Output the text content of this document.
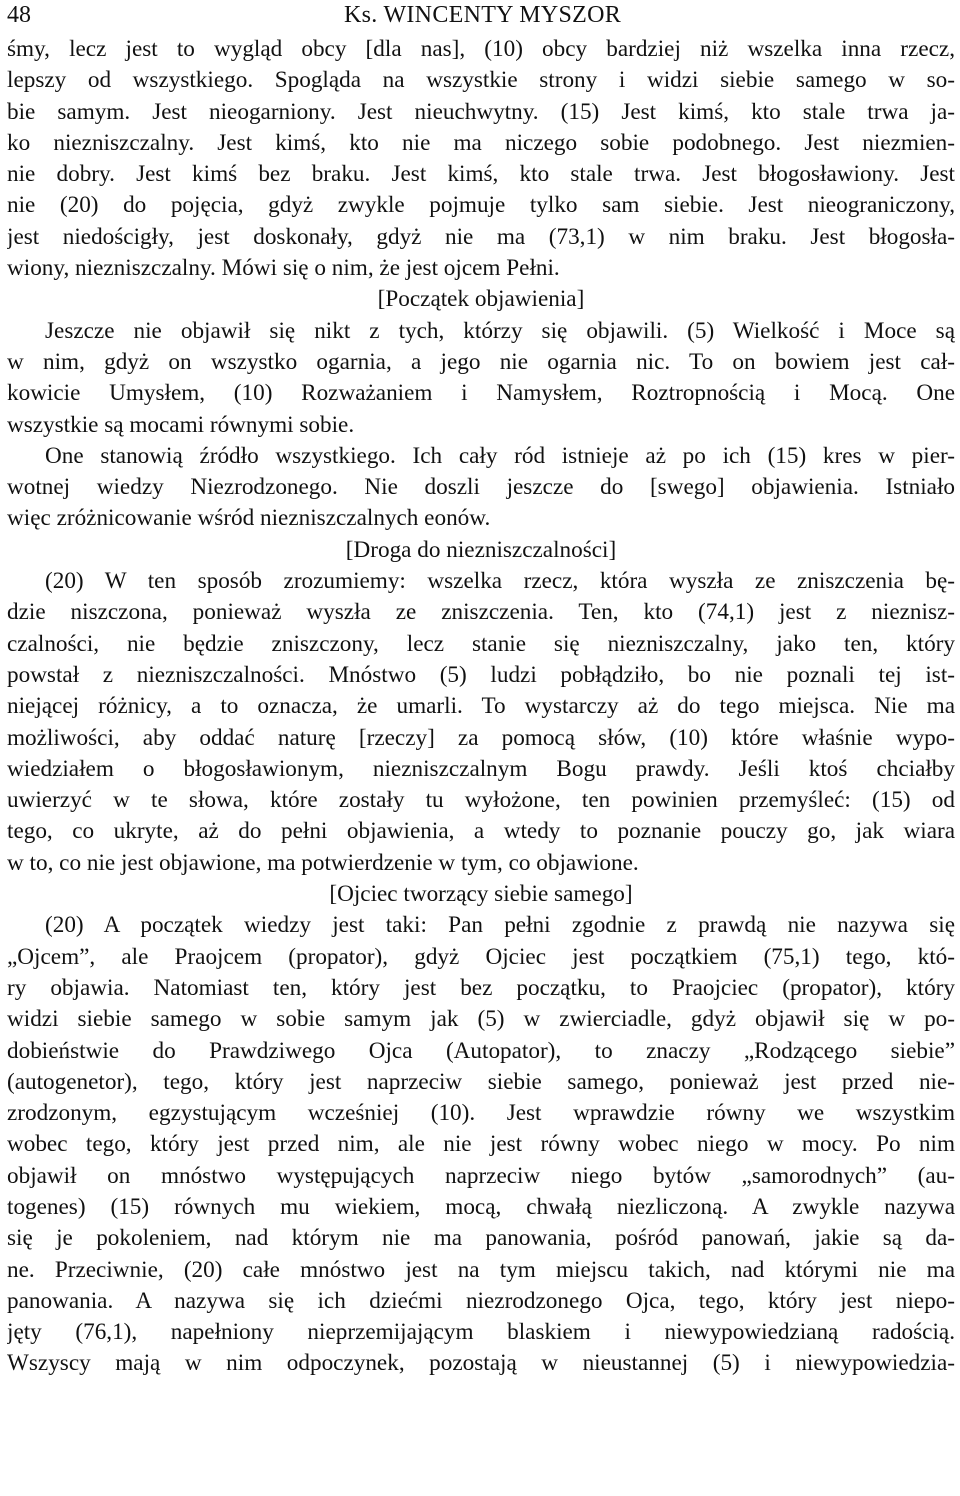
48	Ks. WINCENTY MYSZOR
śmy, lecz jest to wygląd obcy [dla nas], (10) obcy bardziej niż wszelka inna rzecz,
lepszy od wszystkiego. Spogląda na wszystkie strony i widzi siebie samego w so-
bie samym. Jest nieogarniony. Jest nieuchwytny. (15) Jest kimś, kto stale trwa ja-
ko niezniszczalny. Jest kimś, kto nie ma niczego sobie podobnego. Jest niezmien-
nie dobry. Jest kimś bez braku. Jest kimś, kto stale trwa. Jest błogosławiony. Jest
nie (20) do pojęcia, gdyż zwykle pojmuje tylko sam siebie. Jest nieograniczony,
jest niedościgły, jest doskonały, gdyż nie ma (73,1) w nim braku. Jest błogosła-
wiony, niezniszczalny. Mówi się o nim, że jest ojcem Pełni.
[Początek objawienia]
Jeszcze nie objawił się nikt z tych, którzy się objawili. (5) Wielkość i Moce są
w nim, gdyż on wszystko ogarnia, a jego nie ogarnia nic. To on bowiem jest cał-
kowicie Umysłem, (10) Rozważaniem i Namysłem, Roztropnością i Mocą. One
wszystkie są mocami równymi sobie.
One stanowią źródło wszystkiego. Ich cały ród istnieje aż po ich (15) kres w pier-
wotnej wiedzy Niezrodzonego. Nie doszli jeszcze do [swego] objawienia. Istniało
więc zróżnicowanie wśród niezniszczalnych eonów.
[Droga do niezniszczalności]
(20) W ten sposób zrozumiemy: wszelka rzecz, która wyszła ze zniszczenia bę-
dzie niszczona, ponieważ wyszła ze zniszczenia. Ten, kto (74,1) jest z nieznisz-
czalności, nie będzie zniszczony, lecz stanie się niezniszczalny, jako ten, który
powstał z niezniszczalności. Mnóstwo (5) ludzi pobłądziło, bo nie poznali tej ist-
niejącej różnicy, a to oznacza, że umarli. To wystarczy aż do tego miejsca. Nie ma
możliwości, aby oddać naturę [rzeczy] za pomocą słów, (10) które właśnie wypo-
wiedziałem o błogosławionym, niezniszczalnym Bogu prawdy. Jeśli ktoś chciałby
uwierzyć w te słowa, które zostały tu wyłożone, ten powinien przemyśleć: (15) od
tego, co ukryte, aż do pełni objawienia, a wtedy to poznanie pouczy go, jak wiara
w to, co nie jest objawione, ma potwierdzenie w tym, co objawione.
[Ojciec tworzący siebie samego]
(20) A początek wiedzy jest taki: Pan pełni zgodnie z prawdą nie nazywa się
„Ojcem”, ale Praojcem (propator), gdyż Ojciec jest początkiem (75,1) tego, któ-
ry objawia. Natomiast ten, który jest bez początku, to Praojciec (propator), który
widzi siebie samego w sobie samym jak (5) w zwierciadle, gdyż objawił się w po-
dobieństwie do Prawdziwego Ojca (Autopator), to znaczy „Rodzącego siebie”
(autogenetor), tego, który jest naprzeciw siebie samego, ponieważ jest przed nie-
zrodzonym, egzystującym wcześniej (10). Jest wprawdzie równy we wszystkim
wobec tego, który jest przed nim, ale nie jest równy wobec niego w mocy. Po nim
objawił on mnóstwo występujących naprzeciw niego bytów „samorodnych” (au-
togenes) (15) równych mu wiekiem, mocą, chwałą niezliczoną. A zwykle nazywa
się je pokoleniem, nad którym nie ma panowania, pośród panowań, jakie są da-
ne. Przeciwnie, (20) całe mnóstwo jest na tym miejscu takich, nad którymi nie ma
panowania. A nazywa się ich dziećmi niezrodzonego Ojca, tego, który jest niepo-
jęty (76,1), napełniony nieprzemijającym blaskiem i niewypowiedzianą radością.
Wszyscy mają w nim odpoczynek, pozostają w nieustannej (5) i niewypowiedzia-
